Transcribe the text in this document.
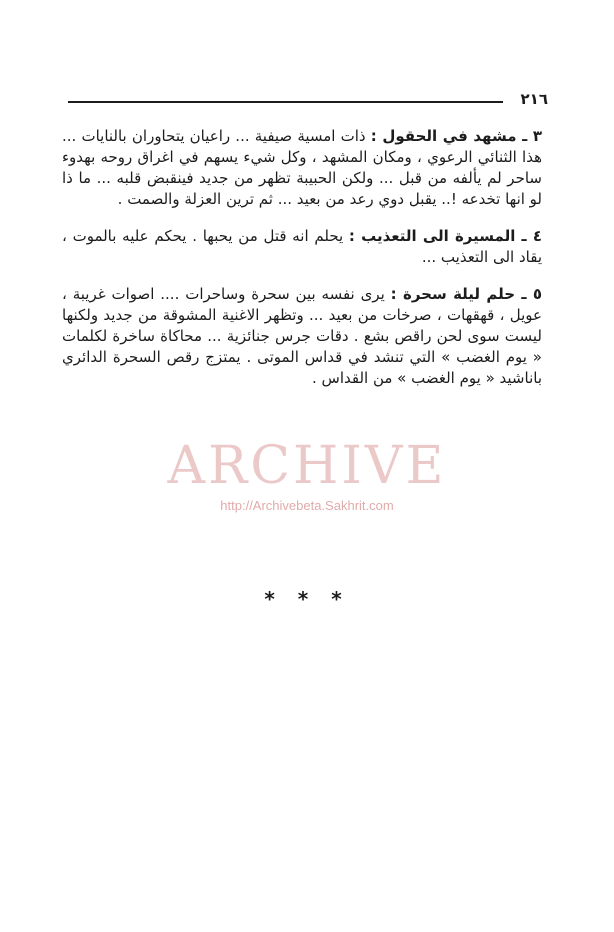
٢١٦

٣ ـ مشهد في الحقول : ذات امسية صيفية ... راعيان يتحاوران بالنايات ... هذا الثنائي الرعوي ، ومكان المشهد ، وكل شيء يسهم في اغراق روحه بهدوء ساحر لم يألفه من قبل ... ولكن الحبيبة تظهر من جديد فينقبض قلبه ... ما ذا لو انها تخدعه !.. يقبل دوي رعد من بعيد ... ثم ترين العزلة والصمت .

٤ ـ المسيرة الى التعذيب : يحلم انه قتل من يحبها . يحكم عليه بالموت ، يقاد الى التعذيب ...

٥ ـ حلم ليلة سحرة : يرى نفسه بين سحرة وساحرات .... اصوات غريبة ، عويل ، قهقهات ، صرخات من بعيد ... وتظهر الاغنية المشوقة من جديد ولكنها ليست سوى لحن راقص بشع . دقات جرس جنائزية ... محاكاة ساخرة لكلمات « يوم الغضب » التي تنشد في قداس الموتى . يمتزج رقص السحرة الدائري باناشيد « يوم الغضب » من القداس .

ARCHIVE
http://Archivebeta.Sakhrit.com
* * *
